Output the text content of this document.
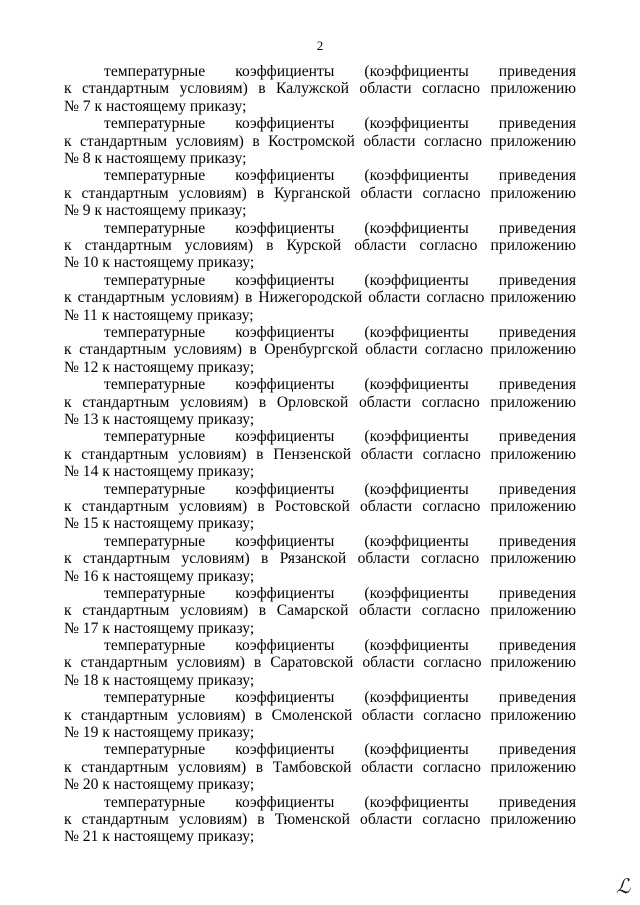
2
температурные коэффициенты (коэффициенты приведения
к стандартным условиям) в Калужской области согласно приложению
№ 7 к настоящему приказу;
температурные коэффициенты (коэффициенты приведения
к стандартным условиям) в Костромской области согласно приложению
№ 8 к настоящему приказу;
температурные коэффициенты (коэффициенты приведения
к стандартным условиям) в Курганской области согласно приложению
№ 9 к настоящему приказу;
температурные коэффициенты (коэффициенты приведения
к стандартным условиям) в Курской области согласно приложению
№ 10 к настоящему приказу;
температурные коэффициенты (коэффициенты приведения
к стандартным условиям) в Нижегородской области согласно приложению
№ 11 к настоящему приказу;
температурные коэффициенты (коэффициенты приведения
к стандартным условиям) в Оренбургской области согласно приложению
№ 12 к настоящему приказу;
температурные коэффициенты (коэффициенты приведения
к стандартным условиям) в Орловской области согласно приложению
№ 13 к настоящему приказу;
температурные коэффициенты (коэффициенты приведения
к стандартным условиям) в Пензенской области согласно приложению
№ 14 к настоящему приказу;
температурные коэффициенты (коэффициенты приведения
к стандартным условиям) в Ростовской области согласно приложению
№ 15 к настоящему приказу;
температурные коэффициенты (коэффициенты приведения
к стандартным условиям) в Рязанской области согласно приложению
№ 16 к настоящему приказу;
температурные коэффициенты (коэффициенты приведения
к стандартным условиям) в Самарской области согласно приложению
№ 17 к настоящему приказу;
температурные коэффициенты (коэффициенты приведения
к стандартным условиям) в Саратовской области согласно приложению
№ 18 к настоящему приказу;
температурные коэффициенты (коэффициенты приведения
к стандартным условиям) в Смоленской области согласно приложению
№ 19 к настоящему приказу;
температурные коэффициенты (коэффициенты приведения
к стандартным условиям) в Тамбовской области согласно приложению
№ 20 к настоящему приказу;
температурные коэффициенты (коэффициенты приведения
к стандартным условиям) в Тюменской области согласно приложению
№ 21 к настоящему приказу;
ℒ
